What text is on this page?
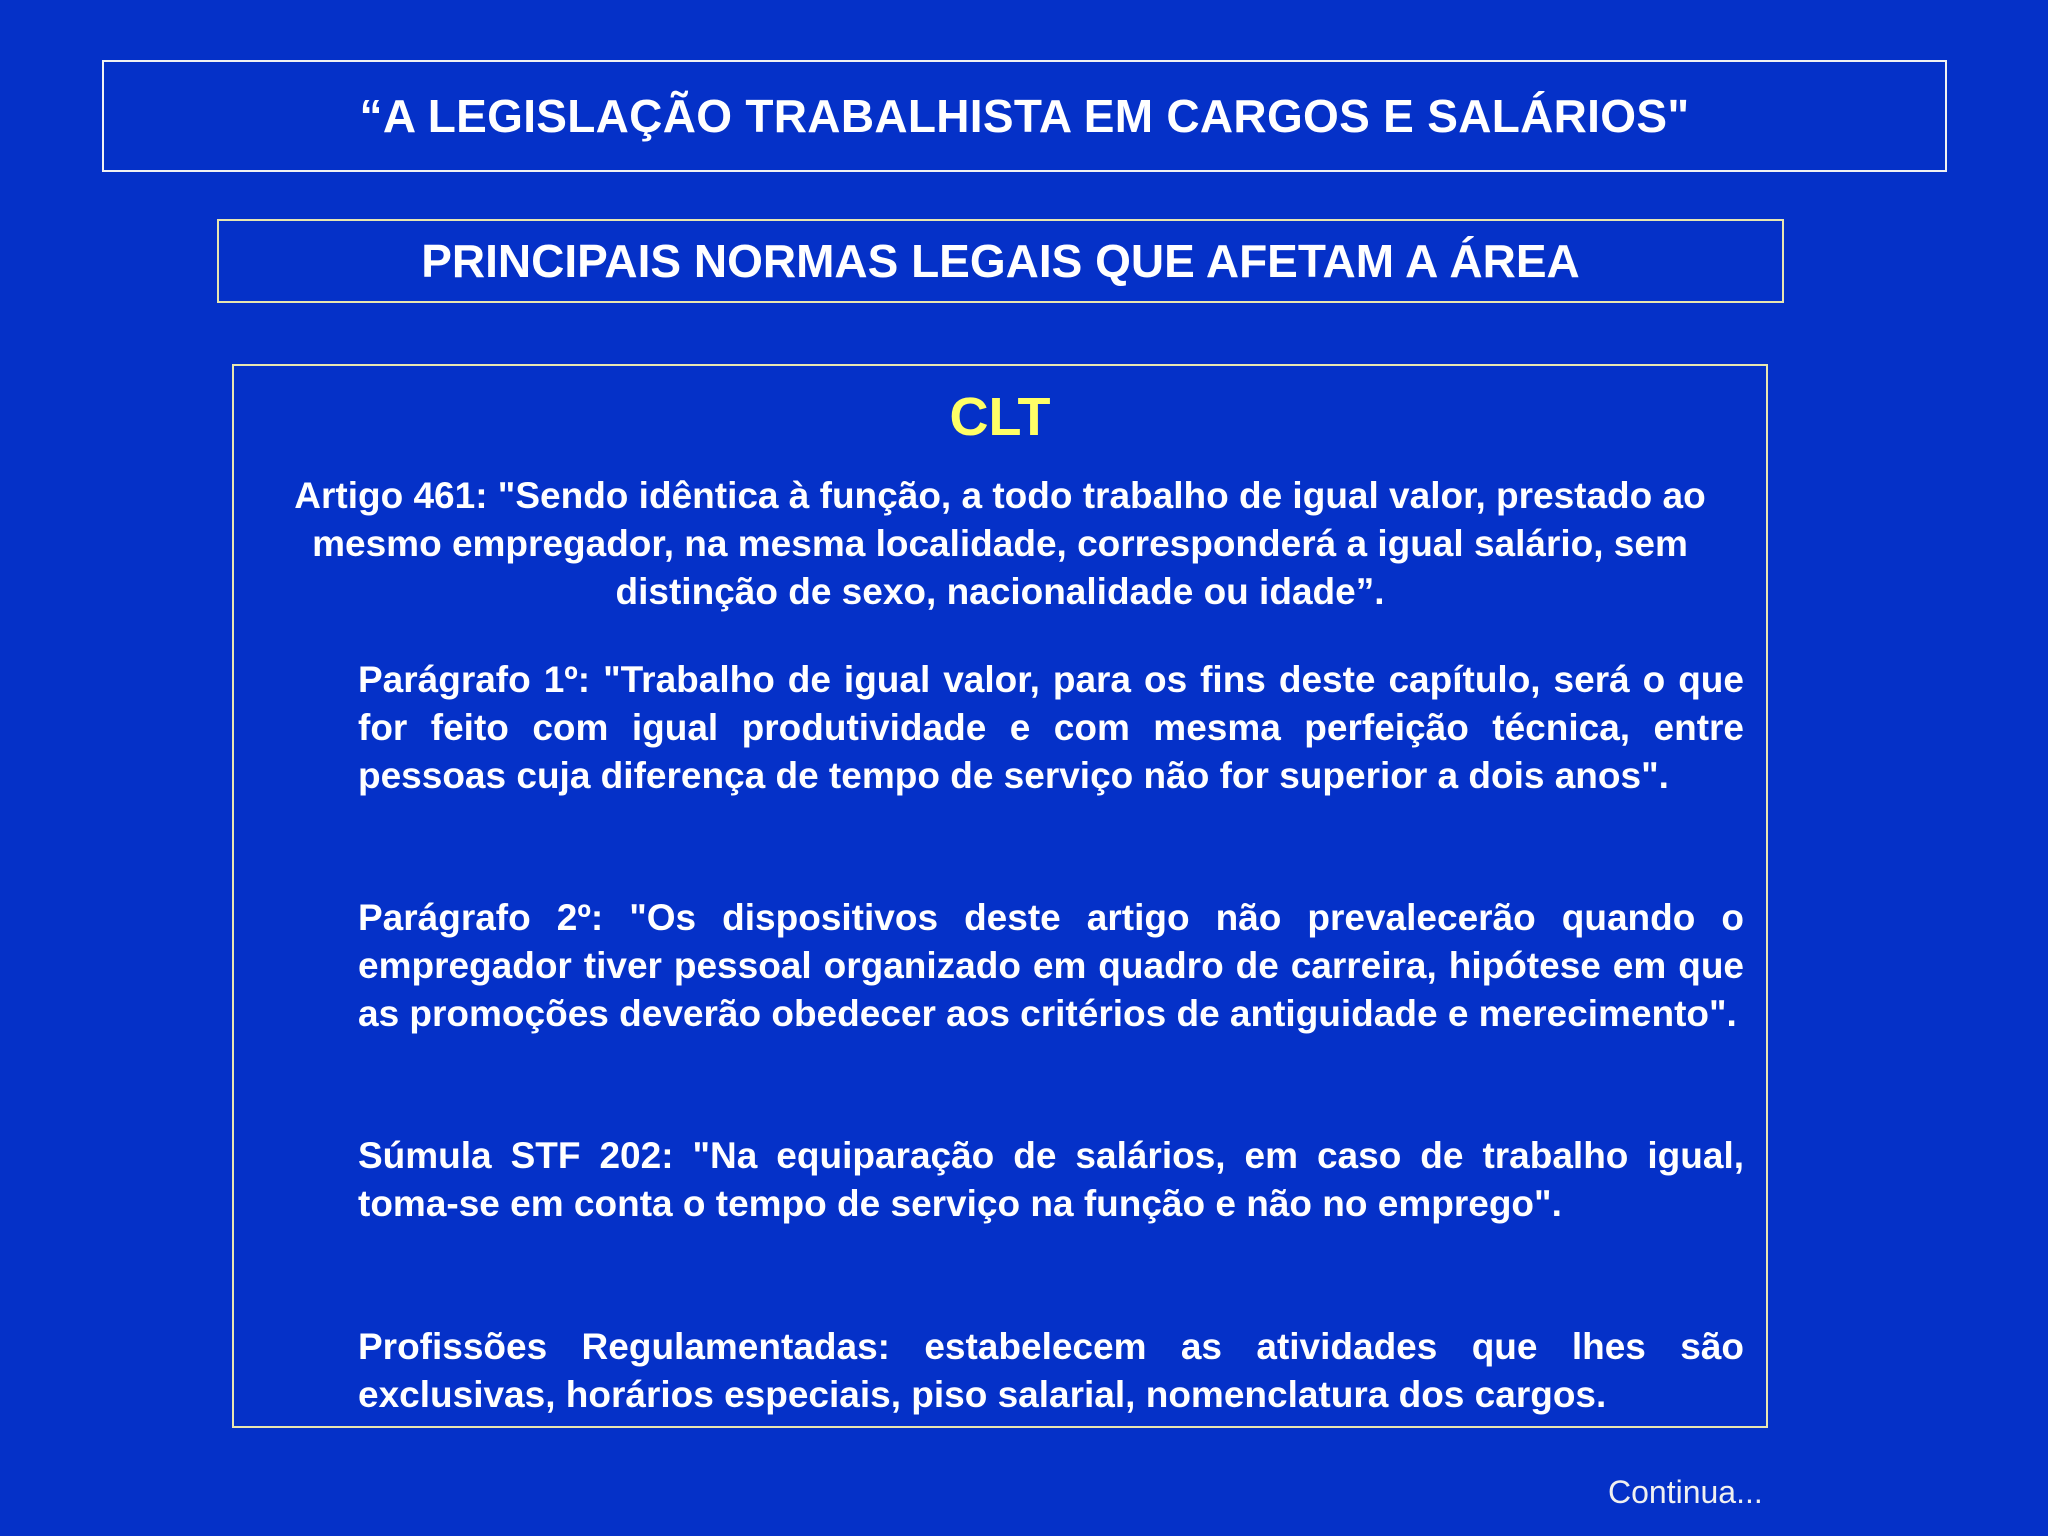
“A LEGISLAÇÃO TRABALHISTA EM CARGOS E SALÁRIOS"
PRINCIPAIS NORMAS LEGAIS QUE AFETAM A ÁREA
CLT
Artigo 461: "Sendo idêntica à função, a todo trabalho de igual valor, prestado ao mesmo empregador, na mesma localidade, corresponderá a igual salário, sem distinção de sexo, nacionalidade ou idade”.

Parágrafo 1º: "Trabalho de igual valor, para os fins deste capítulo, será o que for feito com igual produtividade e com mesma perfeição técnica, entre pessoas cuja diferença de tempo de serviço não for superior a dois anos".

Parágrafo 2º: "Os dispositivos deste artigo não prevalecerão quando o empregador tiver pessoal organizado em quadro de carreira, hipótese em que as promoções deverão obedecer aos critérios de antiguidade e merecimento".

Súmula STF 202: "Na equiparação de salários, em caso de trabalho igual, toma-se em conta o tempo de serviço na função e não no emprego".

Profissões Regulamentadas: estabelecem as atividades que lhes são exclusivas, horários especiais, piso salarial, nomenclatura dos cargos.

Continua...
